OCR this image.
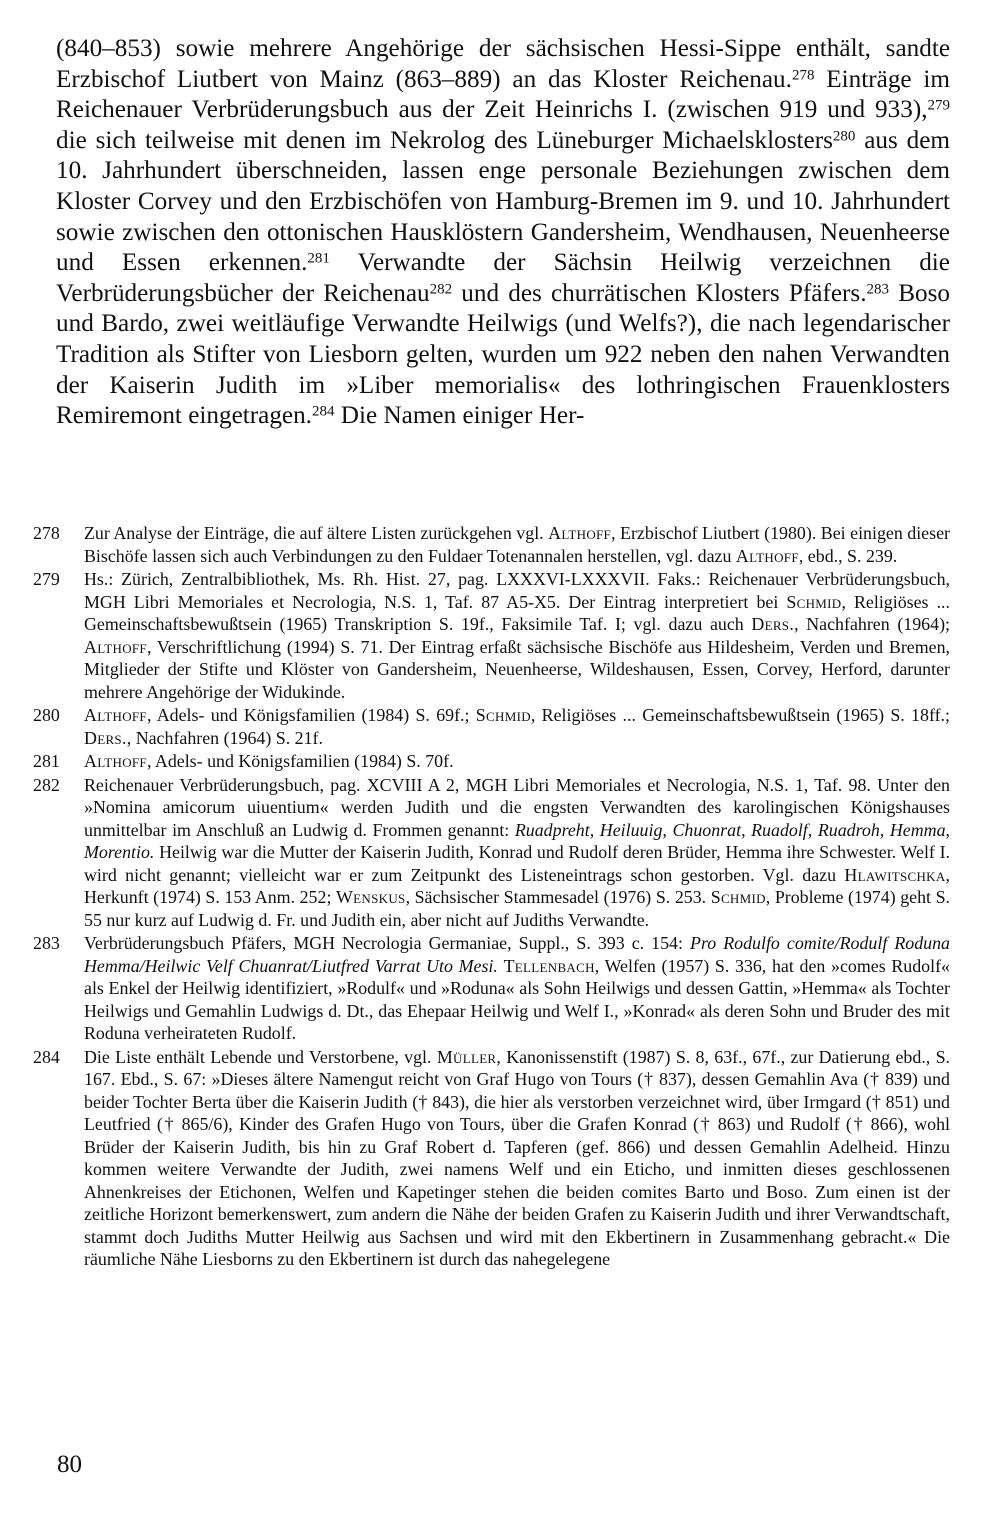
(840–853) sowie mehrere Angehörige der sächsischen Hessi-Sippe enthält, sandte Erzbischof Liutbert von Mainz (863–889) an das Kloster Reichenau.$^{278}$ Einträge im Reichenauer Verbrüderungsbuch aus der Zeit Heinrichs I. (zwischen 919 und 933),$^{279}$ die sich teilweise mit denen im Nekrolog des Lüneburger Michaelsklosters$^{280}$ aus dem 10. Jahrhundert überschneiden, lassen enge personale Beziehungen zwischen dem Kloster Corvey und den Erzbischöfen von Hamburg-Bremen im 9. und 10. Jahrhundert sowie zwischen den ottonischen Hausklöstern Gandersheim, Wendhausen, Neuenheerse und Essen erkennen.$^{281}$ Verwandte der Sächsin Heilwig verzeichnen die Verbrüderungsbücher der Reichenau$^{282}$ und des churrätischen Klosters Pfäfers.$^{283}$ Boso und Bardo, zwei weitläufige Verwandte Heilwigs (und Welfs?), die nach legendarischer Tradition als Stifter von Liesborn gelten, wurden um 922 neben den nahen Verwandten der Kaiserin Judith im »Liber memorialis« des lothringischen Frauenklosters Remiremont eingetragen.$^{284}$ Die Namen einiger Her-

278	Zur Analyse der Einträge, die auf ältere Listen zurückgehen vgl. Althoff, Erzbischof Liutbert (1980). Bei einigen dieser Bischöfe lassen sich auch Verbindungen zu den Fuldaer Totenannalen herstellen, vgl. dazu Althoff, ebd., S. 239.

279	Hs.: Zürich, Zentralbibliothek, Ms. Rh. Hist. 27, pag. LXXXVI-LXXXVII. Faks.: Reichenauer Verbrüderungsbuch, MGH Libri Memoriales et Necrologia, N.S. 1, Taf. 87 A5-X5. Der Eintrag interpretiert bei Schmid, Religiöses ... Gemeinschaftsbewußtsein (1965) Transkription S. 19f., Faksimile Taf. I; vgl. dazu auch Ders., Nachfahren (1964); Althoff, Verschriftlichung (1994) S. 71. Der Eintrag erfaßt sächsische Bischöfe aus Hildesheim, Verden und Bremen, Mitglieder der Stifte und Klöster von Gandersheim, Neuenheerse, Wildeshausen, Essen, Corvey, Herford, darunter mehrere Angehörige der Widukinde.

280	Althoff, Adels- und Königsfamilien (1984) S. 69f.; Schmid, Religiöses ... Gemeinschaftsbewußtsein (1965) S. 18ff.; Ders., Nachfahren (1964) S. 21f.

281	Althoff, Adels- und Königsfamilien (1984) S. 70f.

282	Reichenauer Verbrüderungsbuch, pag. XCVIII A 2, MGH Libri Memoriales et Necrologia, N.S. 1, Taf. 98. Unter den »Nomina amicorum uiuentium« werden Judith und die engsten Verwandten des karolingischen Königshauses unmittelbar im Anschluß an Ludwig d. Frommen genannt: Ruadpreht, Heiluuig, Chuonrat, Ruadolf, Ruadroh, Hemma, Morentio. Heilwig war die Mutter der Kaiserin Judith, Konrad und Rudolf deren Brüder, Hemma ihre Schwester. Welf I. wird nicht genannt; vielleicht war er zum Zeitpunkt des Listeneintrags schon gestorben. Vgl. dazu Hlawitschka, Herkunft (1974) S. 153 Anm. 252; Wenskus, Sächsischer Stammesadel (1976) S. 253. Schmid, Probleme (1974) geht S. 55 nur kurz auf Ludwig d. Fr. und Judith ein, aber nicht auf Judiths Verwandte.

283	Verbrüderungsbuch Pfäfers, MGH Necrologia Germaniae, Suppl., S. 393 c. 154: Pro Rodulfo comite/Rodulf Roduna Hemma/Heilwic Velf Chuanrat/Liutfred Varrat Uto Mesi. Tellenbach, Welfen (1957) S. 336, hat den »comes Rudolf« als Enkel der Heilwig identifiziert, »Rodulf« und »Roduna« als Sohn Heilwigs und dessen Gattin, »Hemma« als Tochter Heilwigs und Gemahlin Ludwigs d. Dt., das Ehepaar Heilwig und Welf I., »Konrad« als deren Sohn und Bruder des mit Roduna verheirateten Rudolf.

284	Die Liste enthält Lebende und Verstorbene, vgl. Müller, Kanonissenstift (1987) S. 8, 63f., 67f., zur Datierung ebd., S. 167. Ebd., S. 67: »Dieses ältere Namengut reicht von Graf Hugo von Tours († 837), dessen Gemahlin Ava († 839) und beider Tochter Berta über die Kaiserin Judith († 843), die hier als verstorben verzeichnet wird, über Irmgard († 851) und Leutfried († 865/6), Kinder des Grafen Hugo von Tours, über die Grafen Konrad († 863) und Rudolf († 866), wohl Brüder der Kaiserin Judith, bis hin zu Graf Robert d. Tapferen (gef. 866) und dessen Gemahlin Adelheid. Hinzu kommen weitere Verwandte der Judith, zwei namens Welf und ein Eticho, und inmitten dieses geschlossenen Ahnenkreises der Etichonen, Welfen und Kapetinger stehen die beiden comites Barto und Boso. Zum einen ist der zeitliche Horizont bemerkenswert, zum andern die Nähe der beiden Grafen zu Kaiserin Judith und ihrer Verwandtschaft, stammt doch Judiths Mutter Heilwig aus Sachsen und wird mit den Ekbertinern in Zusammenhang gebracht.« Die räumliche Nähe Liesborns zu den Ekbertinern ist durch das nahegelegene

80
